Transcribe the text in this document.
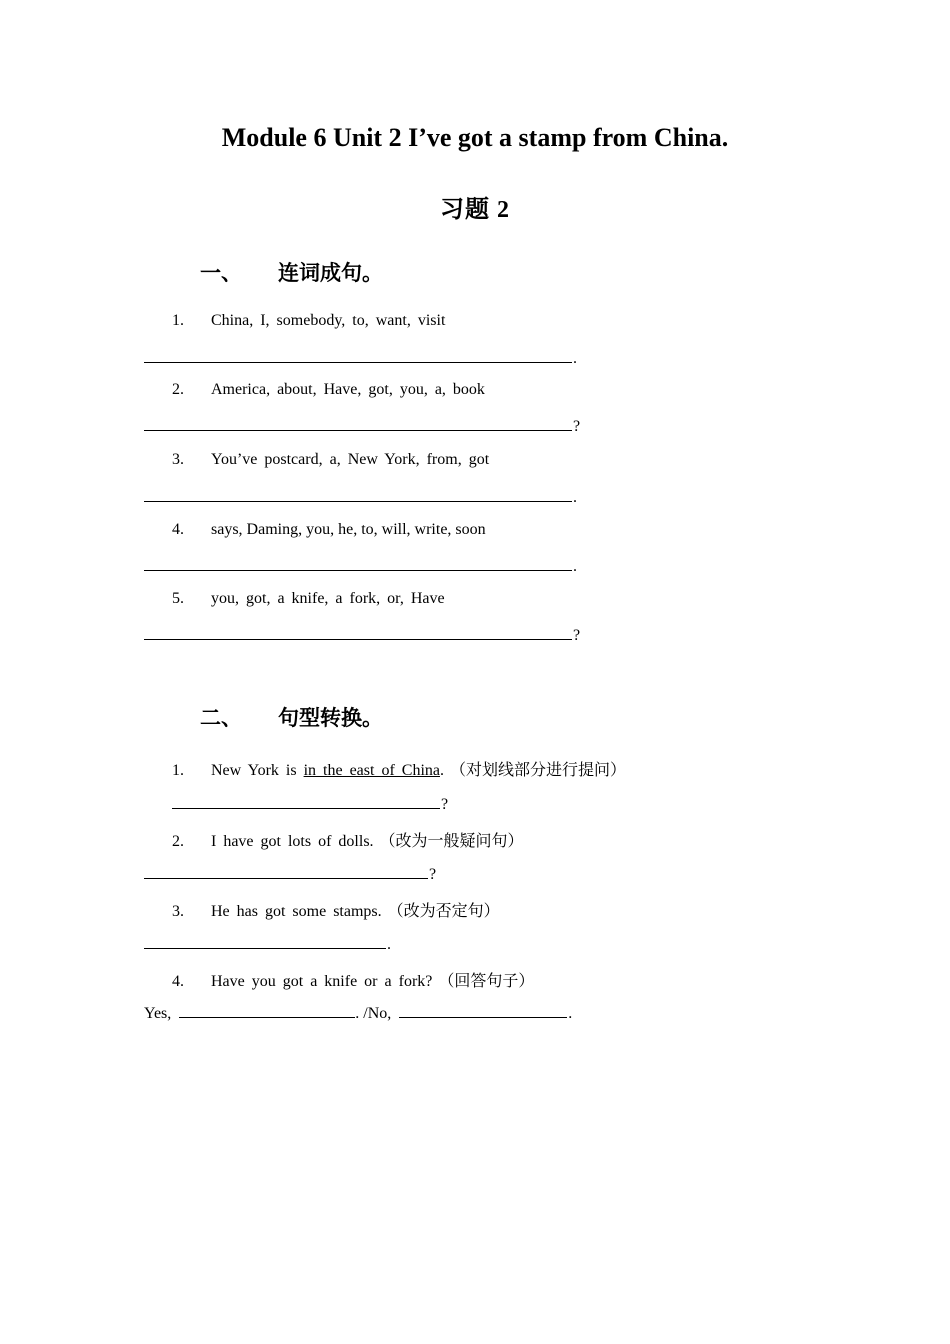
Module 6 Unit 2 I’ve got a stamp from China.
习题 2
一、 连词成句。
1. China, I, somebody, to, want, visit
.
2. America, about, Have, got, you, a, book
?
3. You’ve postcard, a, New York, from, got
.
4. says, Daming, you, he, to, will, write, soon
.
5. you, got, a knife, a fork, or, Have
?
二、 句型转换。
1. New York is in the east of China. （对划线部分进行提问）
?
2. I have got lots of dolls. （改为一般疑问句）
?
3. He has got some stamps. （改为否定句）
.
4. Have you got a knife or a fork? （回答句子）
Yes,	. /No,	.
